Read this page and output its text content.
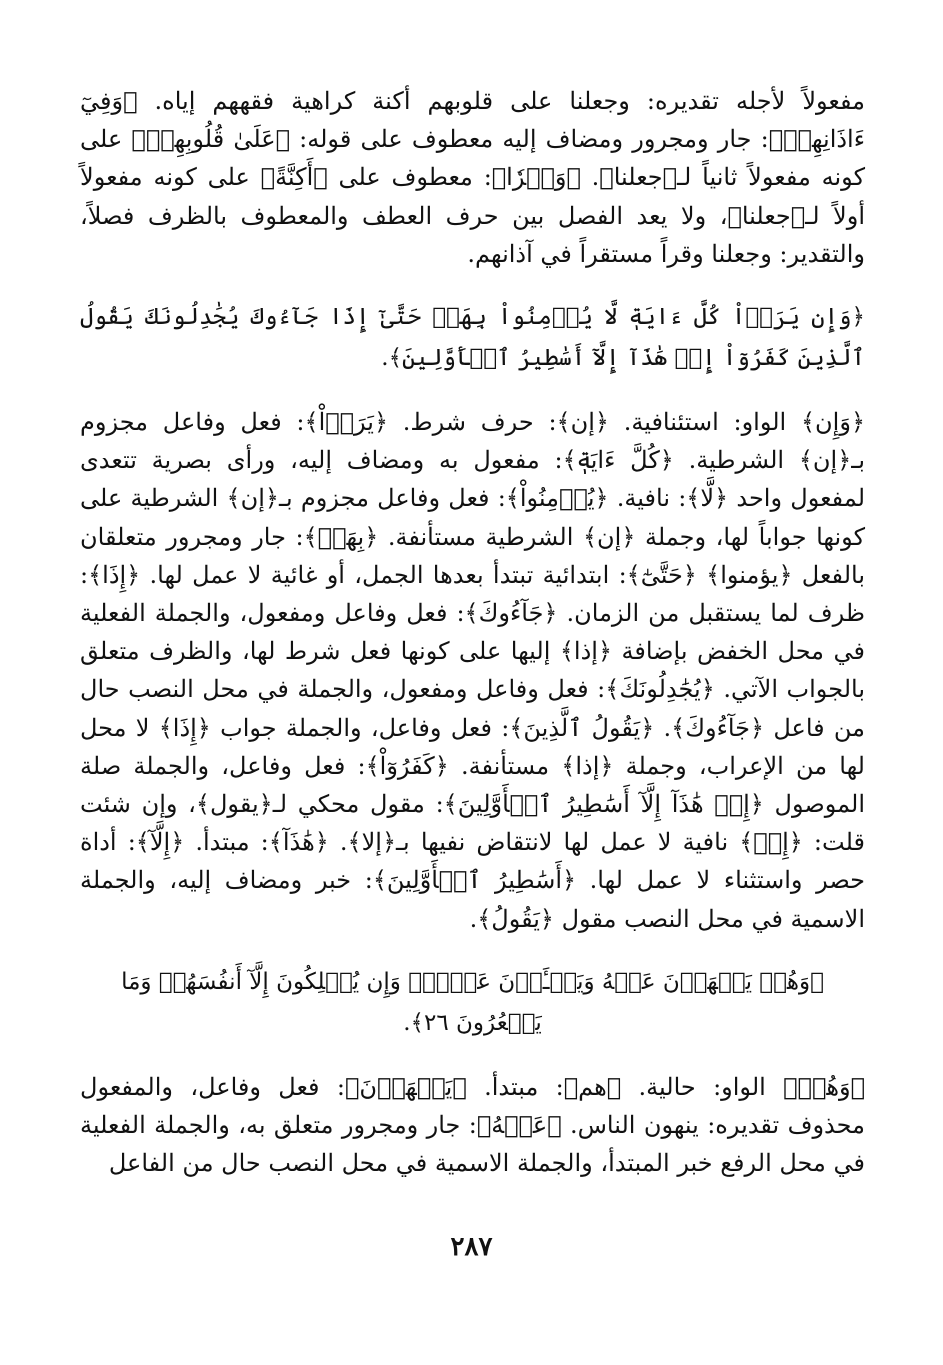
مفعولاً لأجله تقديره: وجعلنا على قلوبهم أكنة كراهية فقههم إياه. ﴿وَفِيٓ ءَاذَانِهِمۡ﴾: جار ومجرور ومضاف إليه معطوف على قوله: ﴿عَلَىٰ قُلُوبِهِمۡ﴾ على كونه مفعولاً ثانياً لـ﴿جعلنا﴾. ﴿وَقۡرٗا﴾: معطوف على ﴿أَكِنَّةً﴾ على كونه مفعولاً أولاً لـ﴿جعلنا﴾، ولا يعد الفصل بين حرف العطف والمعطوف بالظرف فصلاً، والتقدير: وجعلنا وقراً مستقراً في آذانهم.

﴿وَإِن يَرَوۡاْ كُلَّ ءَايَةٖ لَّا يُؤۡمِنُواْ بِهَاۚ حَتَّىٰٓ إِذَا جَآءُوكَ يُجَٰدِلُونَكَ يَقُولُ ٱلَّذِينَ كَفَرُوٓاْ إِنۡ هَٰذَآ إِلَّآ أَسَٰطِيرُ ٱلۡأَوَّلِينَ﴾.

﴿وَإِن﴾ الواو: استئنافية. ﴿إن﴾: حرف شرط. ﴿يَرَوۡاْ﴾: فعل وفاعل مجزوم بـ﴿إن﴾ الشرطية. ﴿كُلَّ ءَايَةٖ﴾: مفعول به ومضاف إليه، ورأى بصرية تتعدى لمفعول واحد ﴿لَّا﴾: نافية. ﴿يُؤۡمِنُواْ﴾: فعل وفاعل مجزوم بـ﴿إن﴾ الشرطية على كونها جواباً لها، وجملة ﴿إن﴾ الشرطية مستأنفة. ﴿بِهَاۚ﴾: جار ومجرور متعلقان بالفعل ﴿يؤمنوا﴾ ﴿حَتَّىٰٓ﴾: ابتدائية تبتدأ بعدها الجمل، أو غائية لا عمل لها. ﴿إِذَا﴾: ظرف لما يستقبل من الزمان. ﴿جَآءُوكَ﴾: فعل وفاعل ومفعول، والجملة الفعلية في محل الخفض بإضافة ﴿إذا﴾ إليها على كونها فعل شرط لها، والظرف متعلق بالجواب الآتي. ﴿يُجَٰدِلُونَكَ﴾: فعل وفاعل ومفعول، والجملة في محل النصب حال من فاعل ﴿جَآءُوكَ﴾. ﴿يَقُولُ ٱلَّذِينَ﴾: فعل وفاعل، والجملة جواب ﴿إِذَا﴾ لا محل لها من الإعراب، وجملة ﴿إذا﴾ مستأنفة. ﴿كَفَرُوٓاْ﴾: فعل وفاعل، والجملة صلة الموصول ﴿إِنۡ هَٰذَآ إِلَّآ أَسَٰطِيرُ ٱلۡأَوَّلِينَ﴾: مقول محكي لـ﴿يقول﴾، وإن شئت قلت: ﴿إِنۡ﴾ نافية لا عمل لها لانتقاض نفيها بـ﴿إلا﴾. ﴿هَٰذَآ﴾: مبتدأ. ﴿إِلَّآ﴾: أداة حصر واستثناء لا عمل لها. ﴿أَسَٰطِيرُ ٱلۡأَوَّلِينَ﴾: خبر ومضاف إليه، والجملة الاسمية في محل النصب مقول ﴿يَقُولُ﴾.

﴿وَهُمۡ يَنۡهَوۡنَ عَنۡهُ وَيَنۡـَٔوۡنَ عَنۡهُۖ وَإِن يُهۡلِكُونَ إِلَّآ أَنفُسَهُمۡ وَمَا يَشۡعُرُونَ ٢٦﴾.

﴿وَهُمۡ﴾ الواو: حالية. ﴿هم﴾: مبتدأ. ﴿يَنۡهَوۡنَ﴾: فعل وفاعل، والمفعول محذوف تقديره: ينهون الناس. ﴿عَنۡهُ﴾: جار ومجرور متعلق به، والجملة الفعلية في محل الرفع خبر المبتدأ، والجملة الاسمية في محل النصب حال من الفاعل

٢٨٧
